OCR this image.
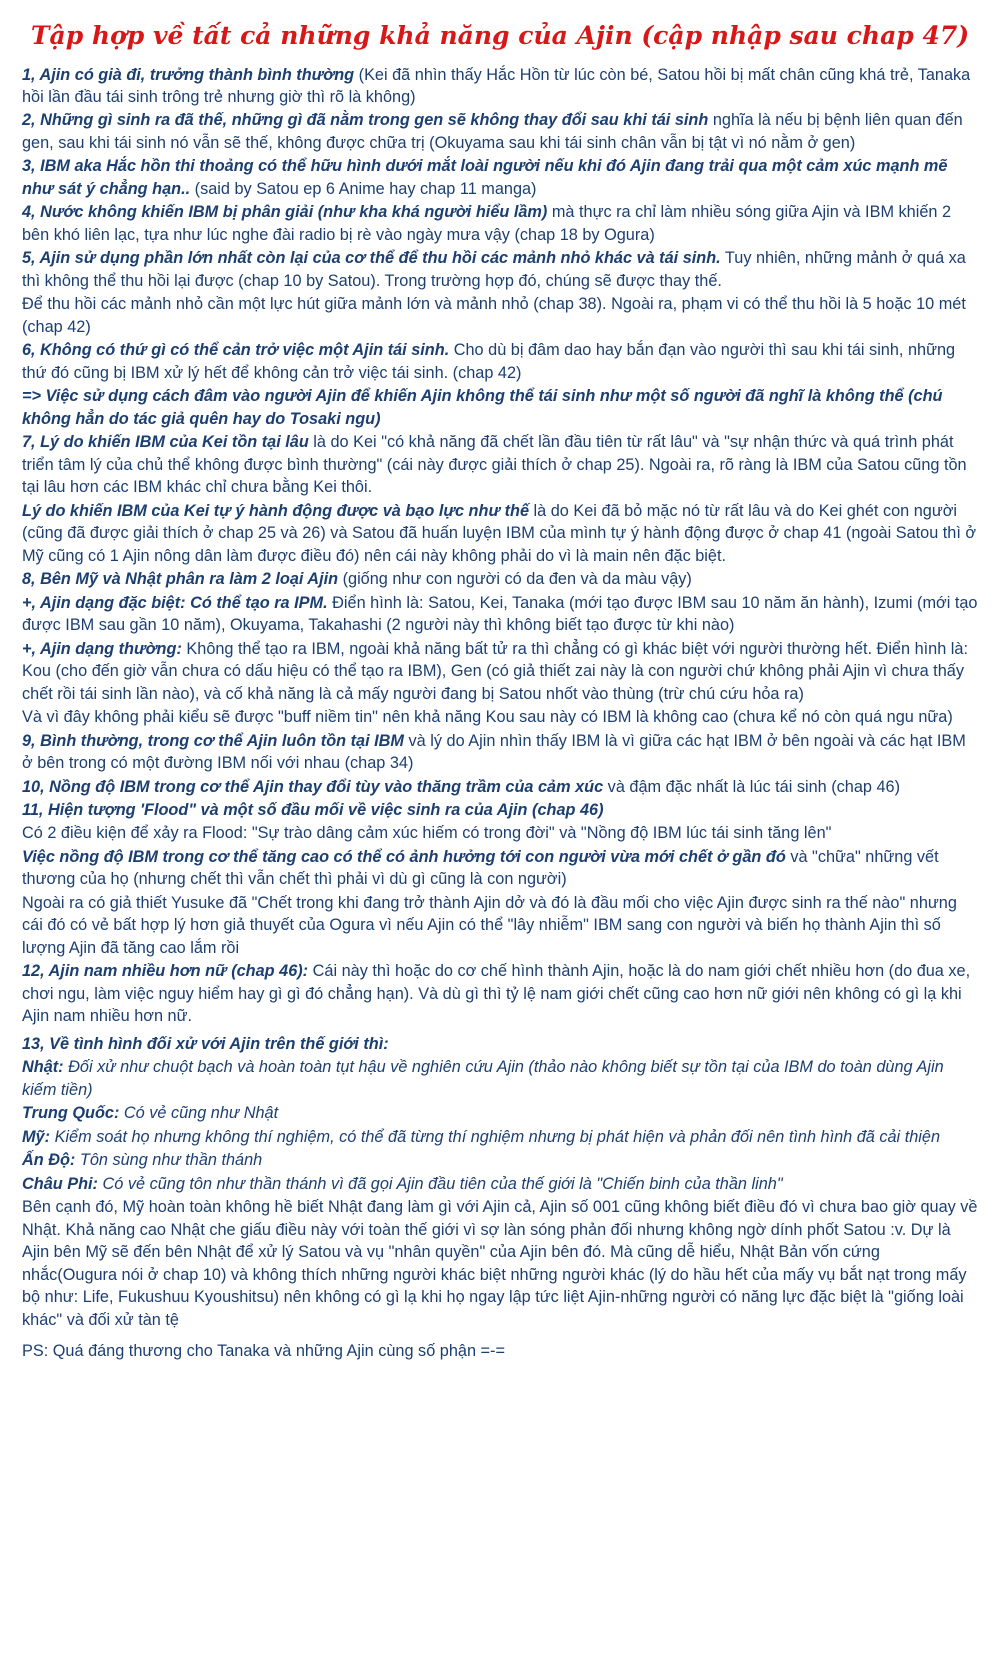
Tập hợp về tất cả những khả năng của Ajin (cập nhập sau chap 47)

1, Ajin có già đi, trưởng thành bình thường (Kei đã nhìn thấy Hắc Hồn từ lúc còn bé, Satou hồi bị mất chân cũng khá trẻ, Tanaka hồi lần đầu tái sinh trông trẻ nhưng giờ thì rõ là không)

2, Những gì sinh ra đã thế, những gì đã nằm trong gen sẽ không thay đổi sau khi tái sinh nghĩa là nếu bị bệnh liên quan đến gen, sau khi tái sinh nó vẫn sẽ thế, không được chữa trị (Okuyama sau khi tái sinh chân vẫn bị tật vì nó nằm ở gen)

3, IBM aka Hắc hồn thi thoảng có thể hữu hình dưới mắt loài người nếu khi đó Ajin đang trải qua một cảm xúc mạnh mẽ như sát ý chẳng hạn.. (said by Satou ep 6 Anime hay chap 11 manga)

4, Nước không khiến IBM bị phân giải (như kha khá người hiểu lầm) mà thực ra chỉ làm nhiều sóng giữa Ajin và IBM khiến 2 bên khó liên lạc, tựa như lúc nghe đài radio bị rè vào ngày mưa vậy (chap 18 by Ogura)

5, Ajin sử dụng phần lớn nhất còn lại của cơ thể để thu hồi các mảnh nhỏ khác và tái sinh. Tuy nhiên, những mảnh ở quá xa thì không thể thu hồi lại được (chap 10 by Satou). Trong trường hợp đó, chúng sẽ được thay thế.

Để thu hồi các mảnh nhỏ cần một lực hút giữa mảnh lớn và mảnh nhỏ (chap 38). Ngoài ra, phạm vi có thể thu hồi là 5 hoặc 10 mét (chap 42)

6, Không có thứ gì có thể cản trở việc một Ajin tái sinh. Cho dù bị đâm dao hay bắn đạn vào người thì sau khi tái sinh, những thứ đó cũng bị IBM xử lý hết để không cản trở việc tái sinh. (chap 42)

=> Việc sử dụng cách đâm vào người Ajin để khiến Ajin không thể tái sinh như một số người đã nghĩ là không thể (chú không hẳn do tác giả quên hay do Tosaki ngu)

7, Lý do khiến IBM của Kei tồn tại lâu là do Kei "có khả năng đã chết lần đầu tiên từ rất lâu" và "sự nhận thức và quá trình phát triển tâm lý của chủ thể không được bình thường" (cái này được giải thích ở chap 25). Ngoài ra, rõ ràng là IBM của Satou cũng tồn tại lâu hơn các IBM khác chỉ chưa bằng Kei thôi.

Lý do khiến IBM của Kei tự ý hành động được và bạo lực như thế là do Kei đã bỏ mặc nó từ rất lâu và do Kei ghét con người (cũng đã được giải thích ở chap 25 và 26) và Satou đã huấn luyện IBM của mình tự ý hành động được ở chap 41 (ngoài Satou thì ở Mỹ cũng có 1 Ajin nông dân làm được điều đó) nên cái này không phải do vì là main nên đặc biệt.

8, Bên Mỹ và Nhật phân ra làm 2 loại Ajin (giống như con người có da đen và da màu vậy)

+, Ajin dạng đặc biệt: Có thể tạo ra IPM. Điển hình là: Satou, Kei, Tanaka (mới tạo được IBM sau 10 năm ăn hành), Izumi (mới tạo được IBM sau gần 10 năm), Okuyama, Takahashi (2 người này thì không biết tạo được từ khi nào)

+, Ajin dạng thường: Không thể tạo ra IBM, ngoài khả năng bất tử ra thì chẳng có gì khác biệt với người thường hết. Điển hình là: Kou (cho đến giờ vẫn chưa có dấu hiệu có thể tạo ra IBM), Gen (có giả thiết zai này là con người chứ không phải Ajin vì chưa thấy chết rồi tái sinh lần nào), và cố khả năng là cả mấy người đang bị Satou nhốt vào thùng (trừ chú cứu hỏa ra)

Và vì đây không phải kiểu sẽ được "buff niềm tin" nên khả năng Kou sau này có IBM là không cao (chưa kể nó còn quá ngu nữa)

9, Bình thường, trong cơ thể Ajin luôn tồn tại IBM và lý do Ajin nhìn thấy IBM là vì giữa các hạt IBM ở bên ngoài và các hạt IBM ở bên trong có một đường IBM nối với nhau (chap 34)

10, Nồng độ IBM trong cơ thể Ajin thay đổi tùy vào thăng trầm của cảm xúc và đậm đặc nhất là lúc tái sinh (chap 46)

11, Hiện tượng 'Flood" và một số đầu mối về việc sinh ra của Ajin (chap 46)

Có 2 điều kiện để xảy ra Flood: "Sự trào dâng cảm xúc hiếm có trong đời" và "Nồng độ IBM lúc tái sinh tăng lên"

Việc nồng độ IBM trong cơ thể tăng cao có thể có ảnh hưởng tới con người vừa mới chết ở gần đó và "chữa" những vết thương của họ (nhưng chết thì vẫn chết thì phải vì dù gì cũng là con người)

Ngoài ra có giả thiết Yusuke đã "Chết trong khi đang trở thành Ajin dở và đó là đầu mối cho việc Ajin được sinh ra thế nào" nhưng cái đó có vẻ bất hợp lý hơn giả thuyết của Ogura vì nếu Ajin có thể "lây nhiễm" IBM sang con người và biến họ thành Ajin thì số lượng Ajin đã tăng cao lắm rồi

12, Ajin nam nhiều hơn nữ (chap 46): Cái này thì hoặc do cơ chế hình thành Ajin, hoặc là do nam giới chết nhiều hơn (do đua xe, chơi ngu, làm việc nguy hiểm hay gì gì đó chẳng hạn). Và dù gì thì tỷ lệ nam giới chết cũng cao hơn nữ giới nên không có gì lạ khi Ajin nam nhiều hơn nữ.

13, Về tình hình đối xử với Ajin trên thế giới thì:

Nhật: Đối xử như chuột bạch và hoàn toàn tụt hậu về nghiên cứu Ajin (thảo nào không biết sự tồn tại của IBM do toàn dùng Ajin kiếm tiền)

Trung Quốc: Có vẻ cũng như Nhật

Mỹ: Kiểm soát họ nhưng không thí nghiệm, có thể đã từng thí nghiệm nhưng bị phát hiện và phản đối nên tình hình đã cải thiện

Ấn Độ: Tôn sùng như thần thánh

Châu Phi: Có vẻ cũng tôn như thần thánh vì đã gọi Ajin đầu tiên của thế giới là "Chiến binh của thần linh"

Bên cạnh đó, Mỹ hoàn toàn không hề biết Nhật đang làm gì với Ajin cả, Ajin số 001 cũng không biết điều đó vì chưa bao giờ quay về Nhật. Khả năng cao Nhật che giấu điều này với toàn thế giới vì sợ làn sóng phản đối nhưng không ngờ dính phốt Satou :v. Dự là Ajin bên Mỹ sẽ đến bên Nhật để xử lý Satou và vụ "nhân quyền" của Ajin bên đó. Mà cũng dễ hiểu, Nhật Bản vốn cứng nhắc(Ougura nói ở chap 10) và không thích những người khác biệt những người khác (lý do hầu hết của mấy vụ bắt nạt trong mấy bộ như: Life, Fukushuu Kyoushitsu) nên không có gì lạ khi họ ngay lập tức liệt Ajin-những người có năng lực đặc biệt là "giống loài khác" và đối xử tàn tệ

PS: Quá đáng thương cho Tanaka và những Ajin cùng số phận =-=
